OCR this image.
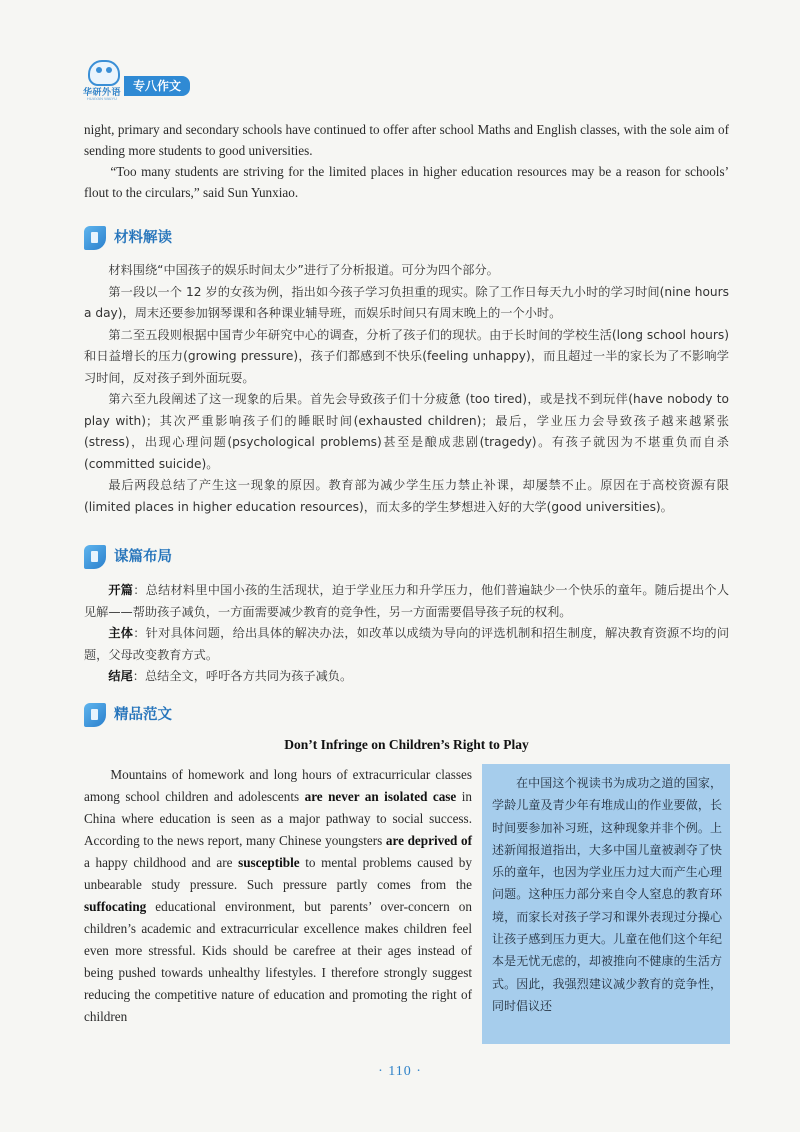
华研外语
HUAYAN WAIYU
专八作文

night, primary and secondary schools have continued to offer after school Maths and English classes, with the sole aim of sending more students to good universities.

“Too many students are striving for the limited places in higher education resources may be a reason for schools’ flout to the circulars,” said Sun Yunxiao.

材料解读

材料围绕“中国孩子的娱乐时间太少”进行了分析报道。可分为四个部分。

第一段以一个 12 岁的女孩为例，指出如今孩子学习负担重的现实。除了工作日每天九小时的学习时间(nine hours a day)，周末还要参加钢琴课和各种课业辅导班，而娱乐时间只有周末晚上的一个小时。

第二至五段则根据中国青少年研究中心的调查，分析了孩子们的现状。由于长时间的学校生活(long school hours)和日益增长的压力(growing pressure)，孩子们都感到不快乐(feeling unhappy)，而且超过一半的家长为了不影响学习时间，反对孩子到外面玩耍。

第六至九段阐述了这一现象的后果。首先会导致孩子们十分疲惫 (too tired)，或是找不到玩伴(have nobody to play with)；其次严重影响孩子们的睡眠时间(exhausted children)；最后，学业压力会导致孩子越来越紧张(stress)，出现心理问题(psychological problems)甚至是酿成悲剧(tragedy)。有孩子就因为不堪重负而自杀(committed suicide)。

最后两段总结了产生这一现象的原因。教育部为减少学生压力禁止补课，却屡禁不止。原因在于高校资源有限(limited places in higher education resources)，而太多的学生梦想进入好的大学(good universities)。

谋篇布局

开篇：总结材料里中国小孩的生活现状，迫于学业压力和升学压力，他们普遍缺少一个快乐的童年。随后提出个人见解——帮助孩子减负，一方面需要减少教育的竞争性，另一方面需要倡导孩子玩的权利。

主体：针对具体问题，给出具体的解决办法，如改革以成绩为导向的评选机制和招生制度，解决教育资源不均的问题，父母改变教育方式。

结尾：总结全文，呼吁各方共同为孩子减负。

精品范文
Don’t Infringe on Children’s Right to Play

Mountains of homework and long hours of extracurricular classes among school children and adolescents are never an isolated case in China where education is seen as a major pathway to social success. According to the news report, many Chinese youngsters are deprived of a happy childhood and are susceptible to mental problems caused by unbearable study pressure. Such pressure partly comes from the suffocating educational environment, but parents’ over-concern on children’s academic and extracurricular excellence makes children feel even more stressful. Kids should be carefree at their ages instead of being pushed towards unhealthy lifestyles. I therefore strongly suggest reducing the competitive nature of education and promoting the right of children

在中国这个视读书为成功之道的国家，学龄儿童及青少年有堆成山的作业要做，长时间要参加补习班，这种现象并非个例。上述新闻报道指出，大多中国儿童被剥夺了快乐的童年，也因为学业压力过大而产生心理问题。这种压力部分来自令人窒息的教育环境，而家长对孩子学习和课外表现过分操心让孩子感到压力更大。儿童在他们这个年纪本是无忧无虑的，却被推向不健康的生活方式。因此，我强烈建议减少教育的竞争性，同时倡议还

· 110 ·
